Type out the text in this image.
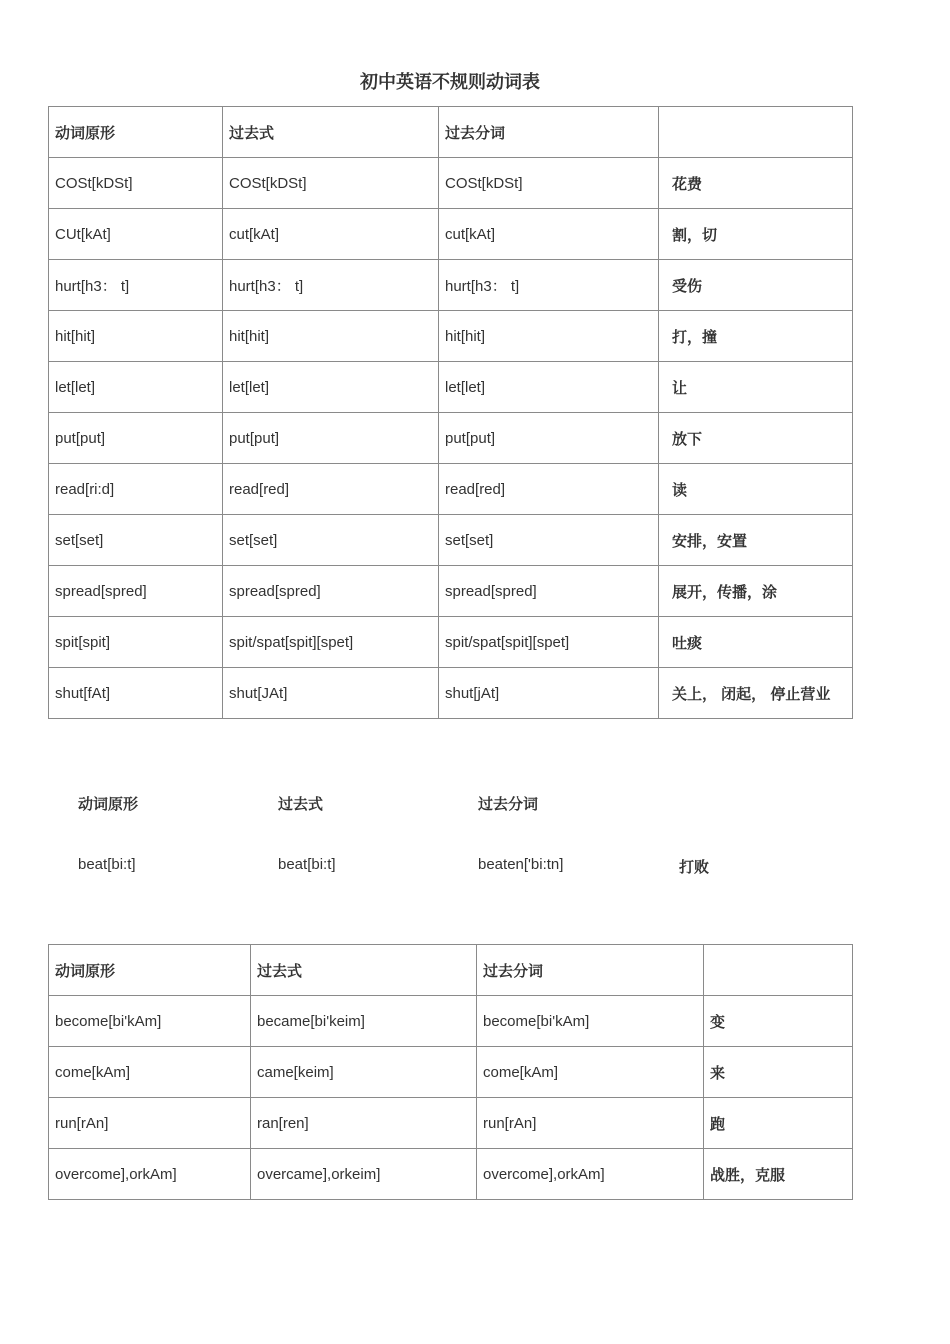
初中英语不规则动词表
动词原形	过去式	过去分词	
COSt[kDSt]	COSt[kDSt]	COSt[kDSt]	花费
CUt[kAt]	cut[kAt]	cut[kAt]	割，切
hurt[h3： t]	hurt[h3： t]	hurt[h3： t]	受伤
hit[hit]	hit[hit]	hit[hit]	打，撞
let[let]	let[let]	let[let]	让
put[put]	put[put]	put[put]	放下
read[ri:d]	read[red]	read[red]	读
set[set]	set[set]	set[set]	安排，安置
spread[spred]	spread[spred]	spread[spred]	展开，传播，涂
spit[spit]	spit/spat[spit][spet]	spit/spat[spit][spet]	吐痰
shut[fAt]	shut[JAt]	shut[jAt]	关上， 闭起， 停止营业
动词原形	过去式	过去分词
beat[bi:t]	beat[bi:t]	beaten['bi:tn]	打败
动词原形	过去式	过去分词	
become[bi'kAm]	became[bi'keim]	become[bi'kAm]	变
come[kAm]	came[keim]	come[kAm]	来
run[rAn]	ran[ren]	run[rAn]	跑
overcome],orkAm]	overcame],orkeim]	overcome],orkAm]	战胜，克服
